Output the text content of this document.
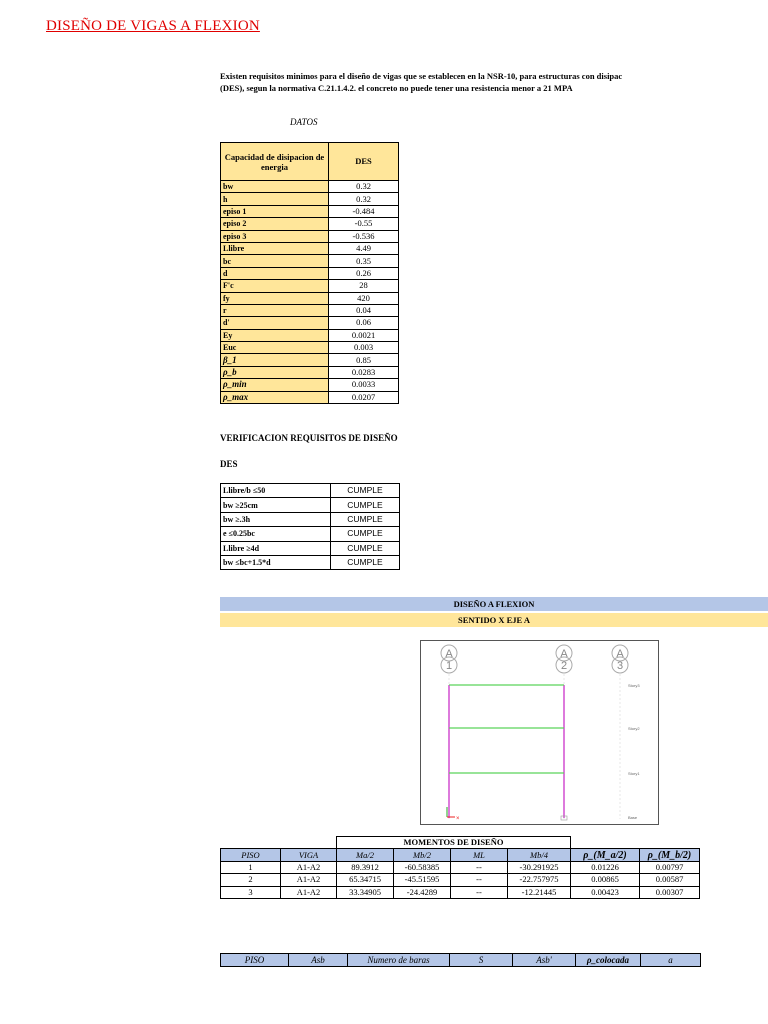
DISEÑO DE VIGAS A FLEXION
Existen requisitos minimos para el diseño de vigas que se establecen en la NSR-10, para estructuras con disipac
(DES), segun la normativa C.21.1.4.2. el concreto no puede tener una resistencia menor a 21 MPA
DATOS
Capacidad de disipacion de energia	DES
bw	0.32
h	0.32
episo 1	-0.484
episo 2	-0.55
episo 3	-0.536
Llibre	4.49
bc	0.35
d	0.26
F'c	28
fy	420
r	0.04
d'	0.06
Ey	0.0021
Euc	0.003
β_1	0.85
ρ_b	0.0283
ρ_min	0.0033
ρ_max	0.0207
VERIFICACION REQUISITOS DE DISEÑO
DES
Llibre/b ≤50	CUMPLE
bw ≥25cm	CUMPLE
bw ≥.3h	CUMPLE
e ≤0.25bc	CUMPLE
Llibre ≥4d	CUMPLE
bw ≤bc+1.5*d	CUMPLE
DISEÑO A FLEXION
SENTIDO X EJE A
A
1
A
2
A
3
Story3
Story2
Story1
Base
×
		MOMENTOS DE DISEÑO					
PISO	VIGA	Ma/2	Mb/2	ML	Mb/4	ρ_(M_a/2)	ρ_(M_b/2)
1	A1-A2	89.3912	-60.58385	--	-30.291925	0.01226	0.00797
2	A1-A2	65.34715	-45.51595	--	-22.757975	0.00865	0.00587
3	A1-A2	33.34905	-24.4289	--	-12.21445	0.00423	0.00307
PISO	Asb	Numero de baras	S	Asb'	ρ_colocada	a
